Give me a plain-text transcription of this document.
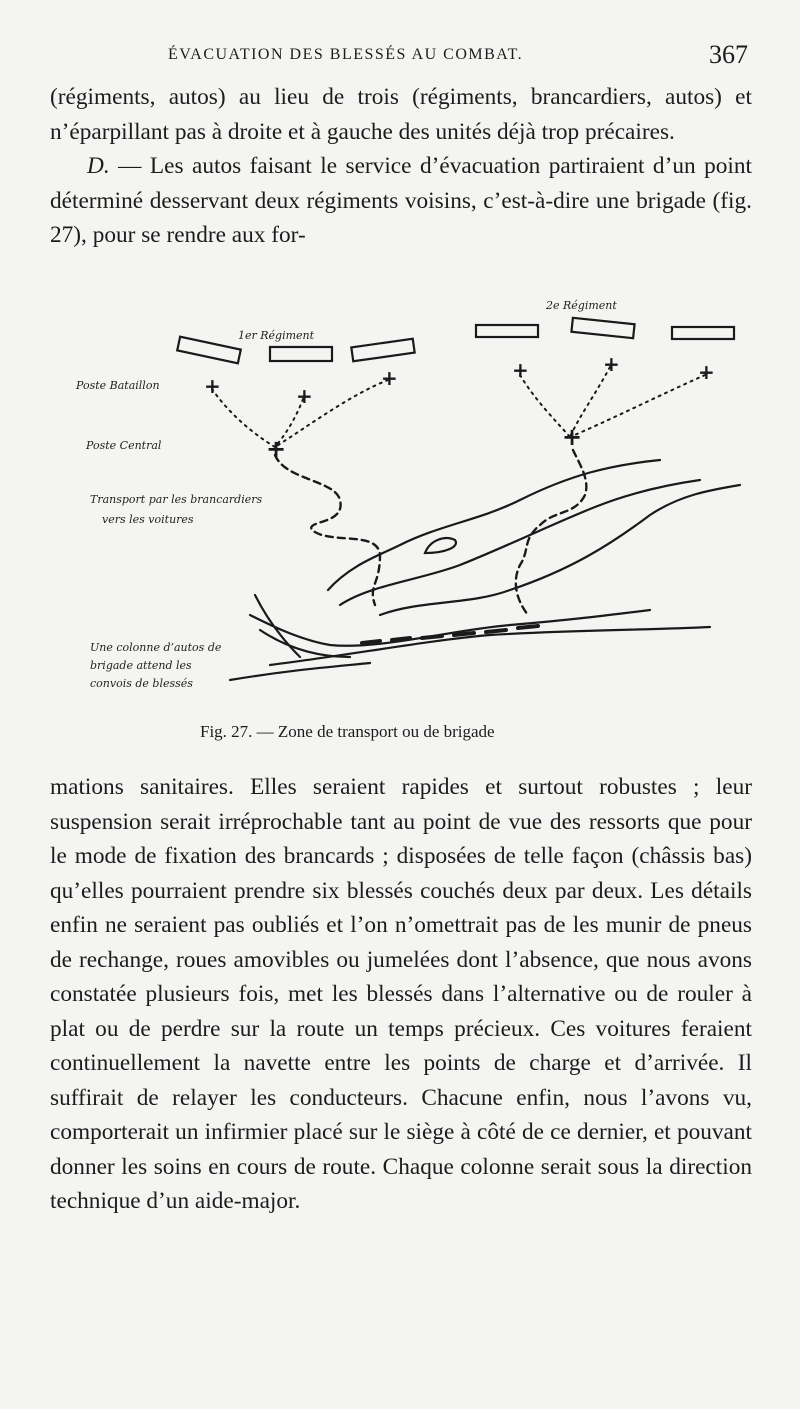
ÉVACUATION DES BLESSÉS AU COMBAT.	367

(régiments, autos) au lieu de trois (régiments, brancardiers, autos) et n’éparpillant pas à droite et à gauche des unités déjà trop précaires.

D. — Les autos faisant le service d’évacuation partiraient d’un point déterminé desservant deux régiments voisins, c’est-à-dire une brigade (fig. 27), pour se rendre aux for-

+	+
+	+	+	+
+	+
1er Régiment
2e Régiment
Poste Bataillon
Poste Central
Transport par les brancardiers
vers les voitures
Une colonne d’autos de
brigade attend les
convois de blessés
Fig. 27. — Zone de transport ou de brigade

mations sanitaires. Elles seraient rapides et surtout robustes ; leur suspension serait irréprochable tant au point de vue des ressorts que pour le mode de fixation des brancards ; disposées de telle façon (châssis bas) qu’elles pourraient prendre six blessés couchés deux par deux. Les détails enfin ne seraient pas oubliés et l’on n’omettrait pas de les munir de pneus de rechange, roues amovibles ou jumelées dont l’absence, que nous avons constatée plusieurs fois, met les blessés dans l’alternative ou de rouler à plat ou de perdre sur la route un temps précieux. Ces voitures feraient continuellement la navette entre les points de charge et d’arrivée. Il suffirait de relayer les conducteurs. Chacune enfin, nous l’avons vu, comporterait un infirmier placé sur le siège à côté de ce dernier, et pouvant donner les soins en cours de route. Chaque colonne serait sous la direction technique d’un aide-major.
